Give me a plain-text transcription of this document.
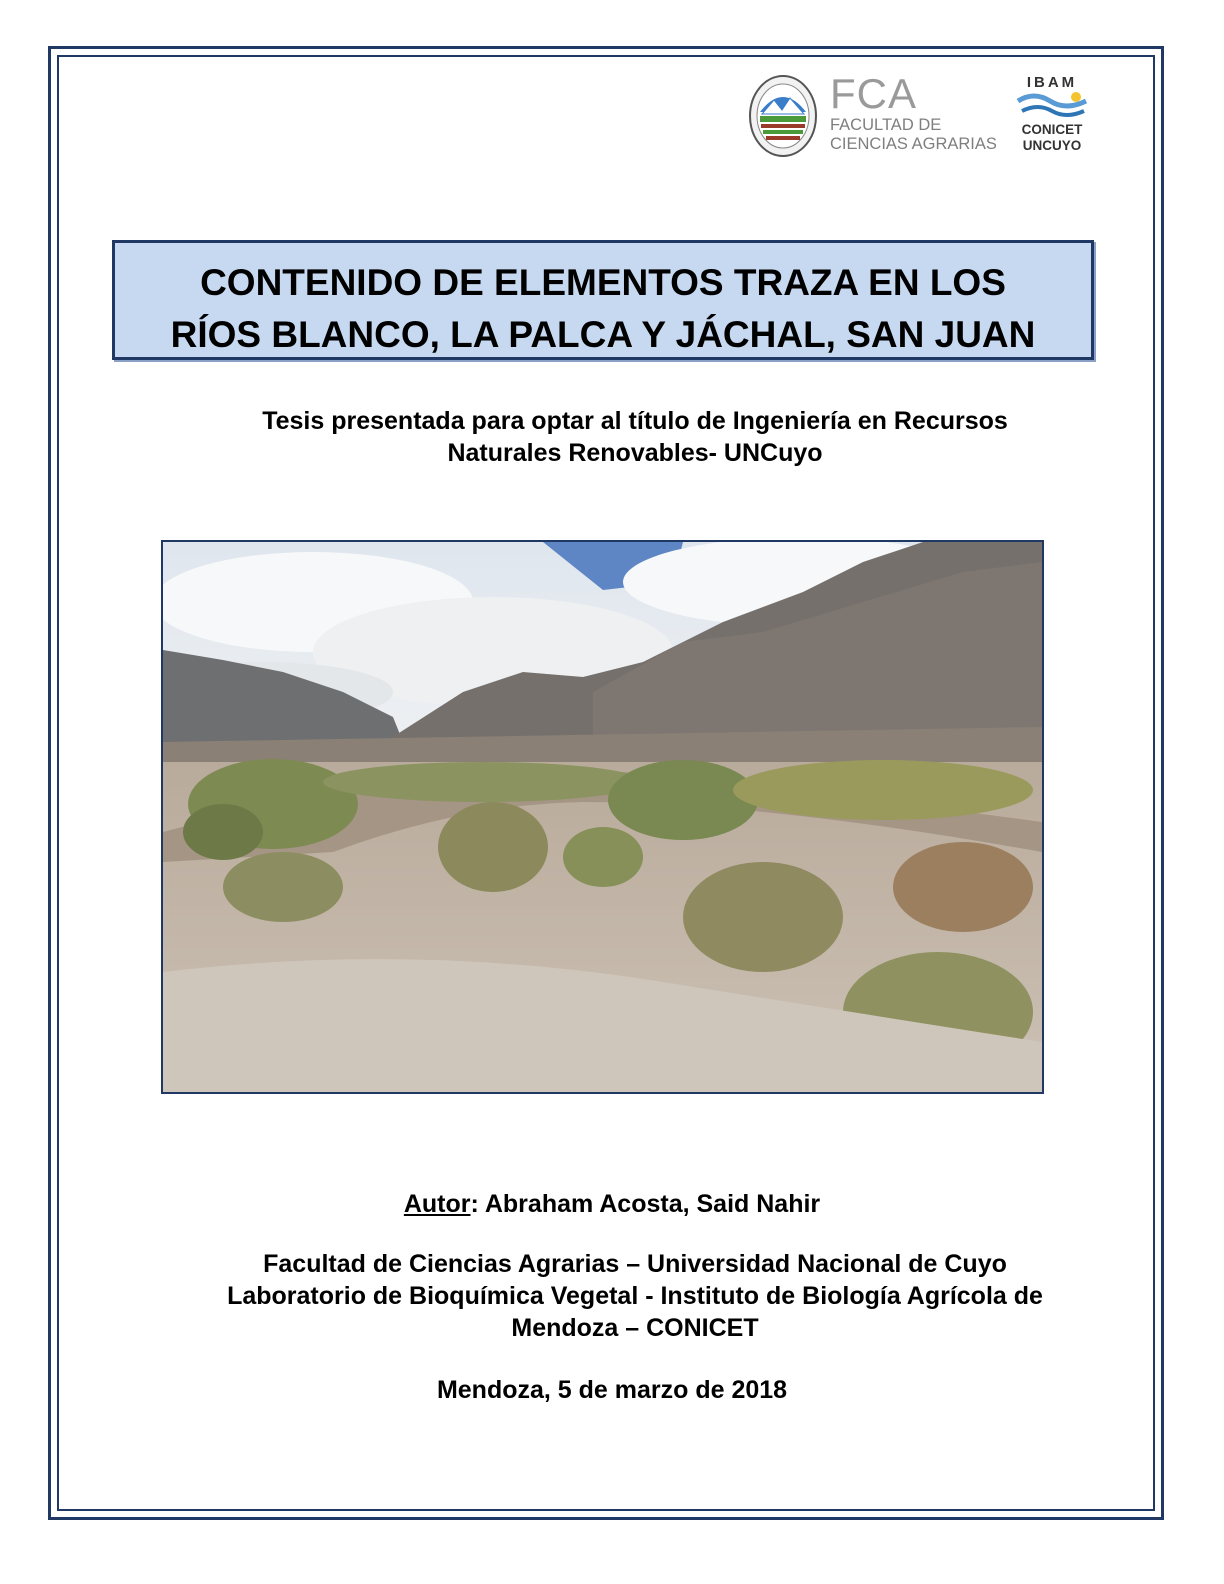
FCA
FACULTAD DE
CIENCIAS AGRARIAS
IBAM
CONICET
UNCUYO
CONTENIDO DE ELEMENTOS TRAZA EN LOS
RÍOS BLANCO, LA PALCA Y JÁCHAL, SAN JUAN
Tesis presentada para optar al título de Ingeniería en Recursos
Naturales Renovables- UNCuyo
Autor: Abraham Acosta, Said Nahir
Facultad de Ciencias Agrarias – Universidad Nacional de Cuyo
Laboratorio de Bioquímica Vegetal - Instituto de Biología Agrícola de
Mendoza – CONICET
Mendoza, 5 de marzo de 2018
